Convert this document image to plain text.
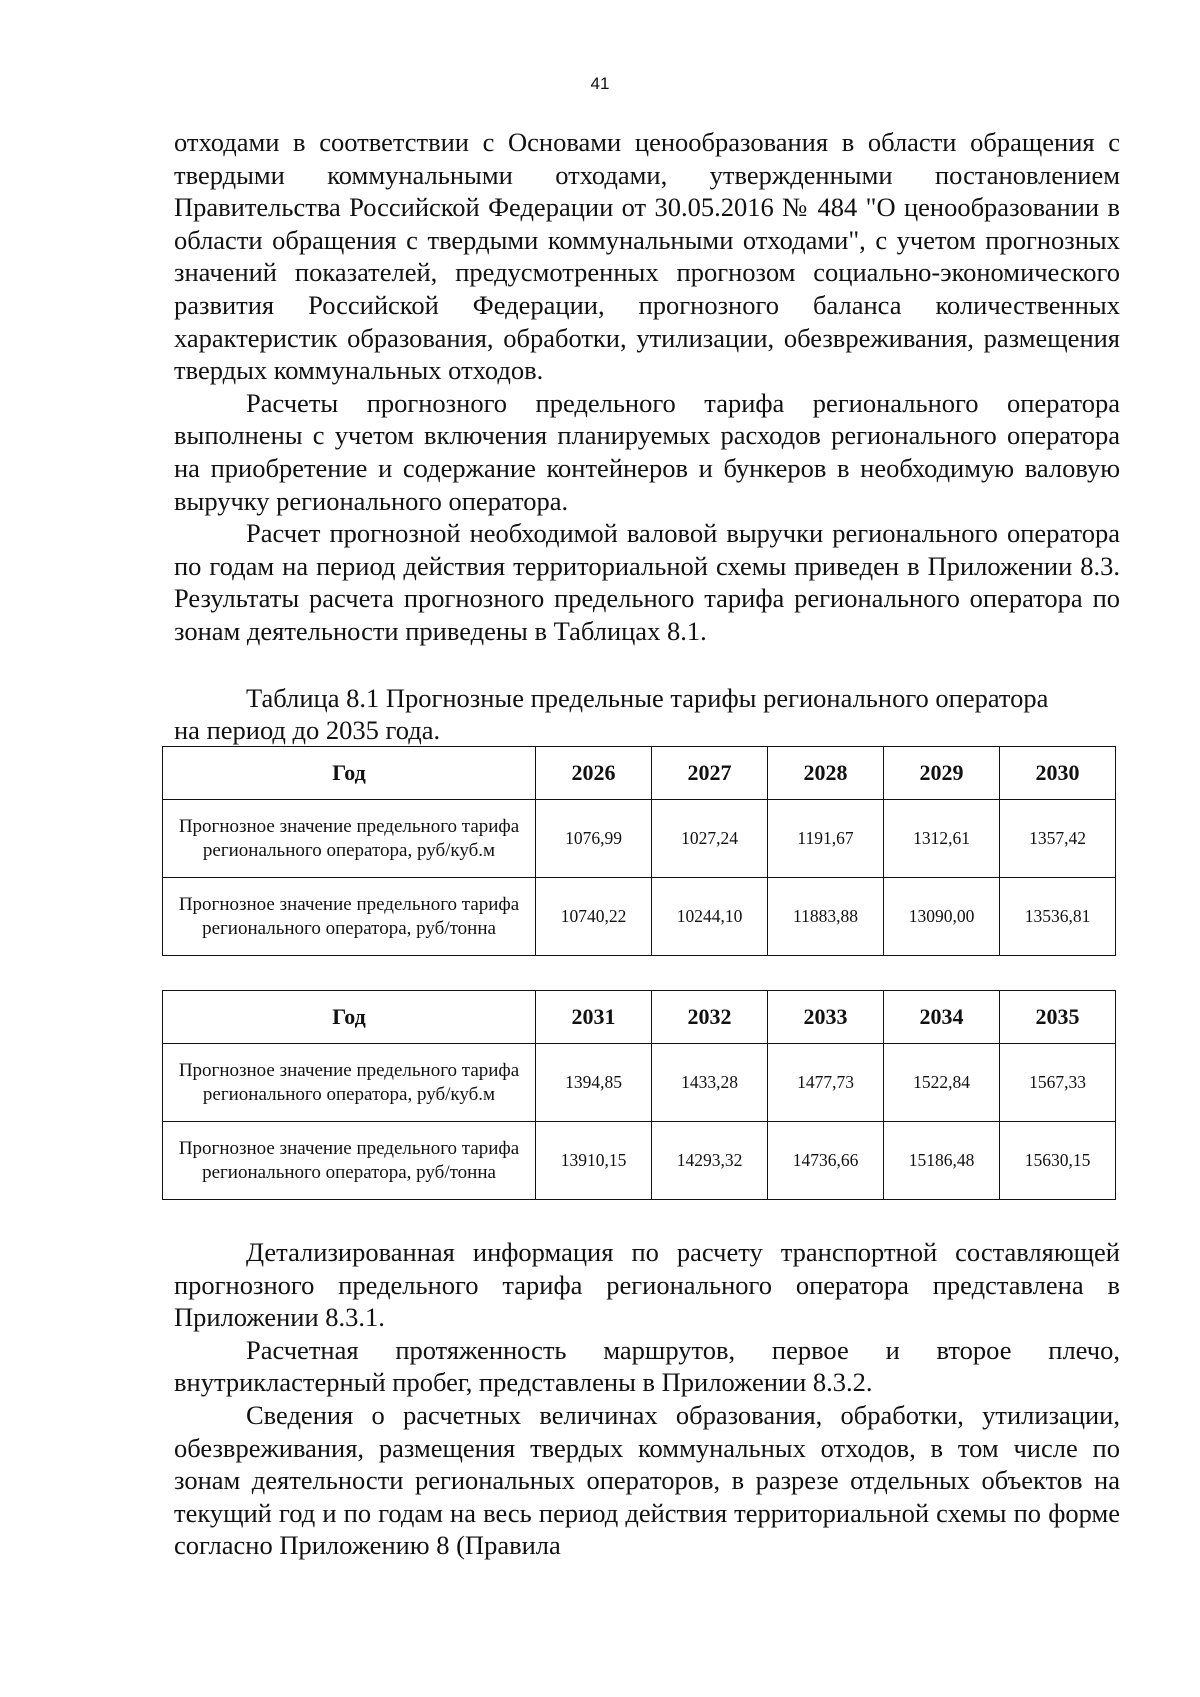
41

отходами в соответствии с Основами ценообразования в области обращения с твердыми коммунальными отходами, утвержденными постановлением Правительства Российской Федерации от 30.05.2016 № 484 "О ценообразовании в области обращения с твердыми коммунальными отходами", с учетом прогнозных значений показателей, предусмотренных прогнозом социально-экономического развития Российской Федерации, прогнозного баланса количественных характеристик образования, обработки, утилизации, обезвреживания, размещения твердых коммунальных отходов.

Расчеты прогнозного предельного тарифа регионального оператора выполнены с учетом включения планируемых расходов регионального оператора на приобретение и содержание контейнеров и бункеров в необходимую валовую выручку регионального оператора.

Расчет прогнозной необходимой валовой выручки регионального оператора по годам на период действия территориальной схемы приведен в Приложении 8.3. Результаты расчета прогнозного предельного тарифа регионального оператора по зонам деятельности приведены в Таблицах 8.1.

Таблица 8.1 Прогнозные предельные тарифы регионального оператора
на период до 2035 года.
Год	2026	2027	2028	2029	2030
Прогнозное значение предельного тарифа регионального оператора, руб/куб.м	1076,99	1027,24	1191,67	1312,61	1357,42
Прогнозное значение предельного тарифа регионального оператора, руб/тонна	10740,22	10244,10	11883,88	13090,00	13536,81
Год	2031	2032	2033	2034	2035
Прогнозное значение предельного тарифа регионального оператора, руб/куб.м	1394,85	1433,28	1477,73	1522,84	1567,33
Прогнозное значение предельного тарифа регионального оператора, руб/тонна	13910,15	14293,32	14736,66	15186,48	15630,15

Детализированная информация по расчету транспортной составляющей прогнозного предельного тарифа регионального оператора представлена в Приложении 8.3.1.

Расчетная протяженность маршрутов, первое и второе плечо, внутрикластерный пробег, представлены в Приложении 8.3.2.

Сведения о расчетных величинах образования, обработки, утилизации, обезвреживания, размещения твердых коммунальных отходов, в том числе по зонам деятельности региональных операторов, в разрезе отдельных объектов на текущий год и по годам на весь период действия территориальной схемы по форме согласно Приложению 8 (Правила
